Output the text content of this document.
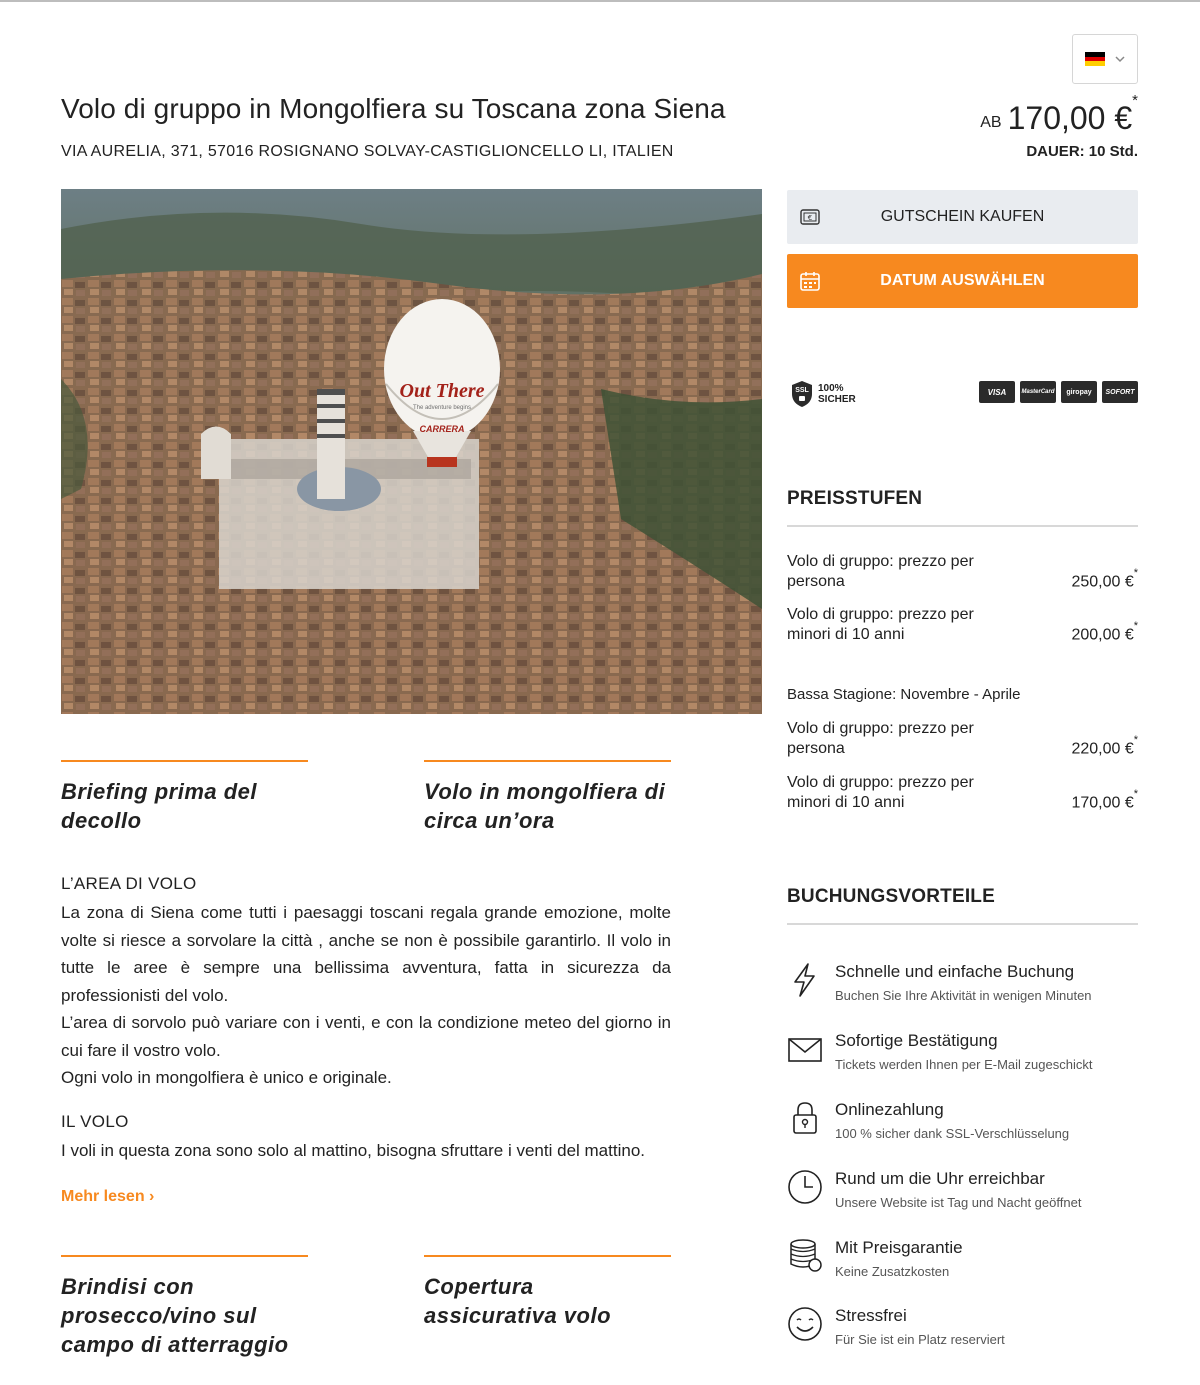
Volo di gruppo in Mongolfiera su Toscana zona Siena
VIA AURELIA, 371, 57016 ROSIGNANO SOLVAY-CASTIGLIONCELLO LI, ITALIEN
AB 170,00 €*
DAUER: 10 Std.
Out There
The adventure begins
CARRERA
€	GUTSCHEIN KAUFEN
DATUM AUSWÄHLEN
SSL 100%
SICHER
VISA	MasterCard	giropay	SOFORT
PREISSTUFEN
Volo di gruppo: prezzo per persona	250,00 €*
Volo di gruppo: prezzo per minori di 10 anni	200,00 €*
Bassa Stagione: Novembre - Aprile
Volo di gruppo: prezzo per persona	220,00 €*
Volo di gruppo: prezzo per minori di 10 anni	170,00 €*
Briefing prima del decollo
Volo in mongolfiera di circa un’ora
Brindisi con prosecco/vino sul campo di atterraggio
Copertura assicurativa volo
L’AREA DI VOLO

La zona di Siena come tutti i paesaggi toscani regala grande emozione, molte volte si riesce a sorvolare la città , anche se non è possibile garantirlo. Il volo in tutte le aree è sempre una bellissima avventura, fatta in sicurezza da professionisti del volo.

L’area di sorvolo può variare con i venti, e con la condizione meteo del giorno in cui fare il vostro volo.

Ogni volo in mongolfiera è unico e originale.

IL VOLO

I voli in questa zona sono solo al mattino, bisogna sfruttare i venti del mattino.

Mehr lesen ›
BUCHUNGSVORTEILE
Schnelle und einfache Buchung
Buchen Sie Ihre Aktivität in wenigen Minuten
Sofortige Bestätigung
Tickets werden Ihnen per E-Mail zugeschickt
Onlinezahlung
100 % sicher dank SSL-Verschlüsselung
Rund um die Uhr erreichbar
Unsere Website ist Tag und Nacht geöffnet
Mit Preisgarantie
Keine Zusatzkosten
Stressfrei
Für Sie ist ein Platz reserviert
